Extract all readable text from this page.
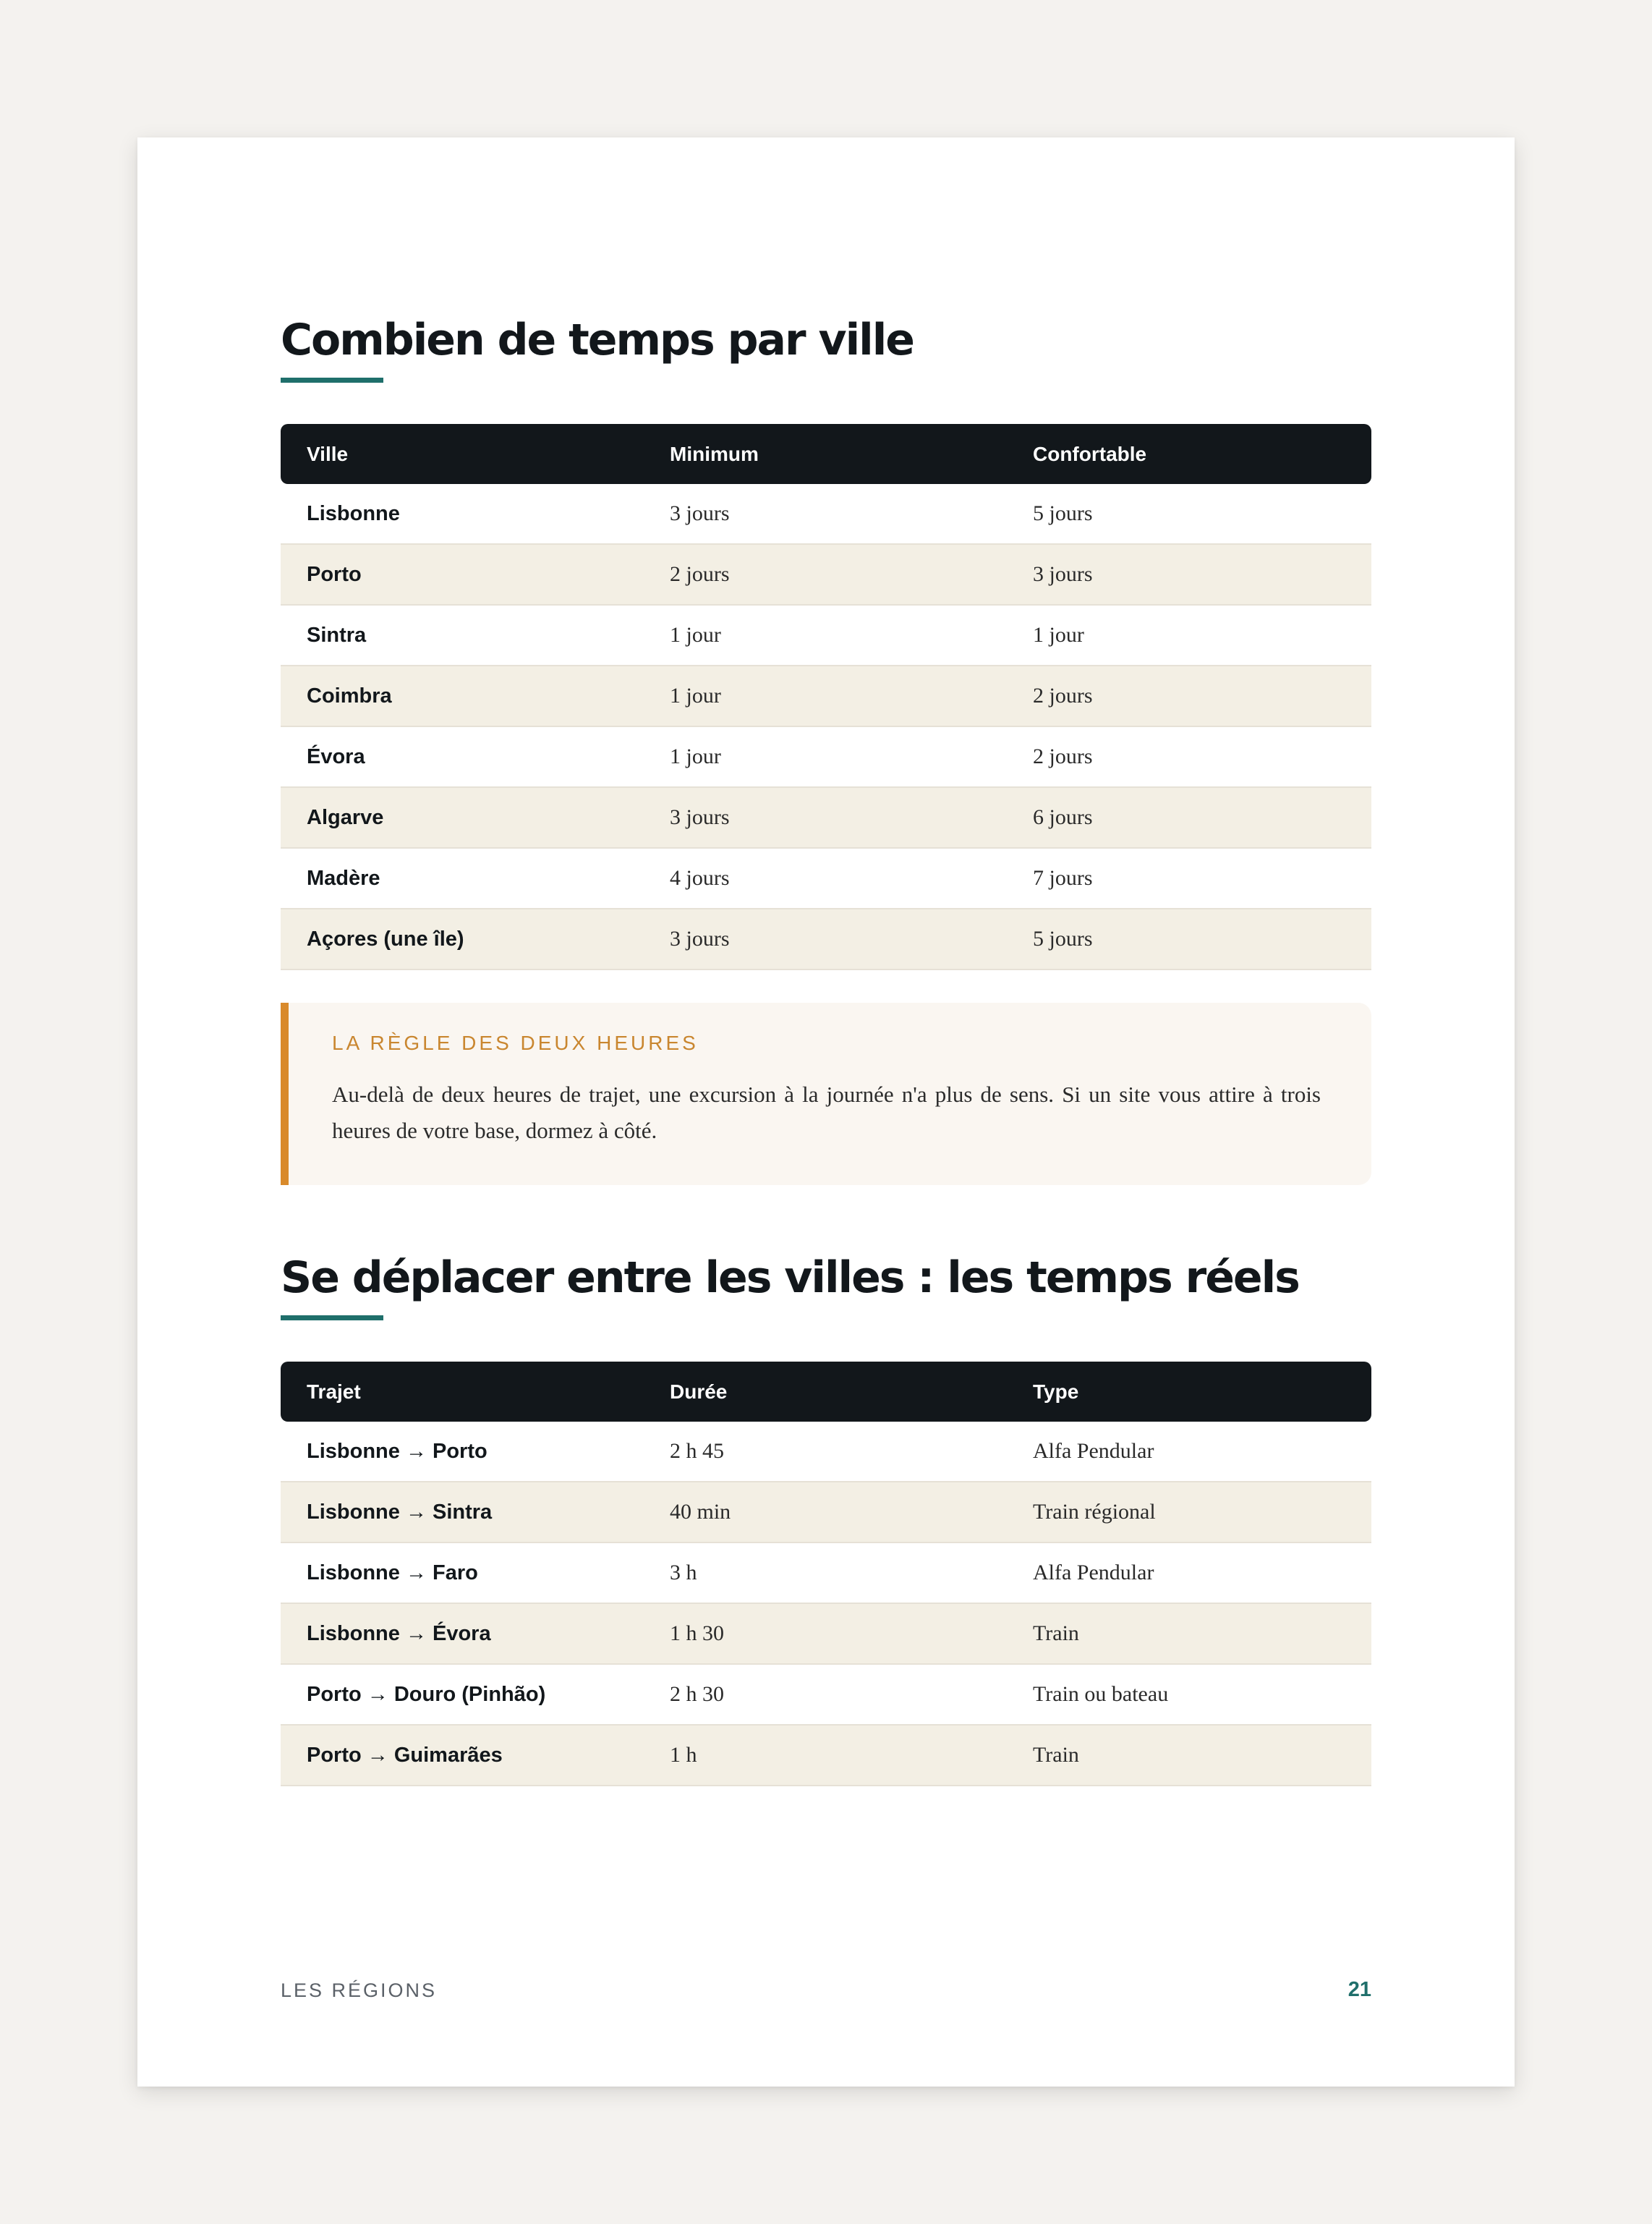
Combien de temps par ville
Ville	Minimum	Confortable
Lisbonne	3 jours	5 jours
Porto	2 jours	3 jours
Sintra	1 jour	1 jour
Coimbra	1 jour	2 jours
Évora	1 jour	2 jours
Algarve	3 jours	6 jours
Madère	4 jours	7 jours
Açores (une île)	3 jours	5 jours

LA RÈGLE DES DEUX HEURES

Au-delà de deux heures de trajet, une excursion à la journée n'a plus de sens. Si un site vous attire à trois heures de votre base, dormez à côté.

Se déplacer entre les villes : les temps réels
Trajet	Durée	Type
Lisbonne → Porto	2 h 45	Alfa Pendular
Lisbonne → Sintra	40 min	Train régional
Lisbonne → Faro	3 h	Alfa Pendular
Lisbonne → Évora	1 h 30	Train
Porto → Douro (Pinhão)	2 h 30	Train ou bateau
Porto → Guimarães	1 h	Train
LES RÉGIONS	21
